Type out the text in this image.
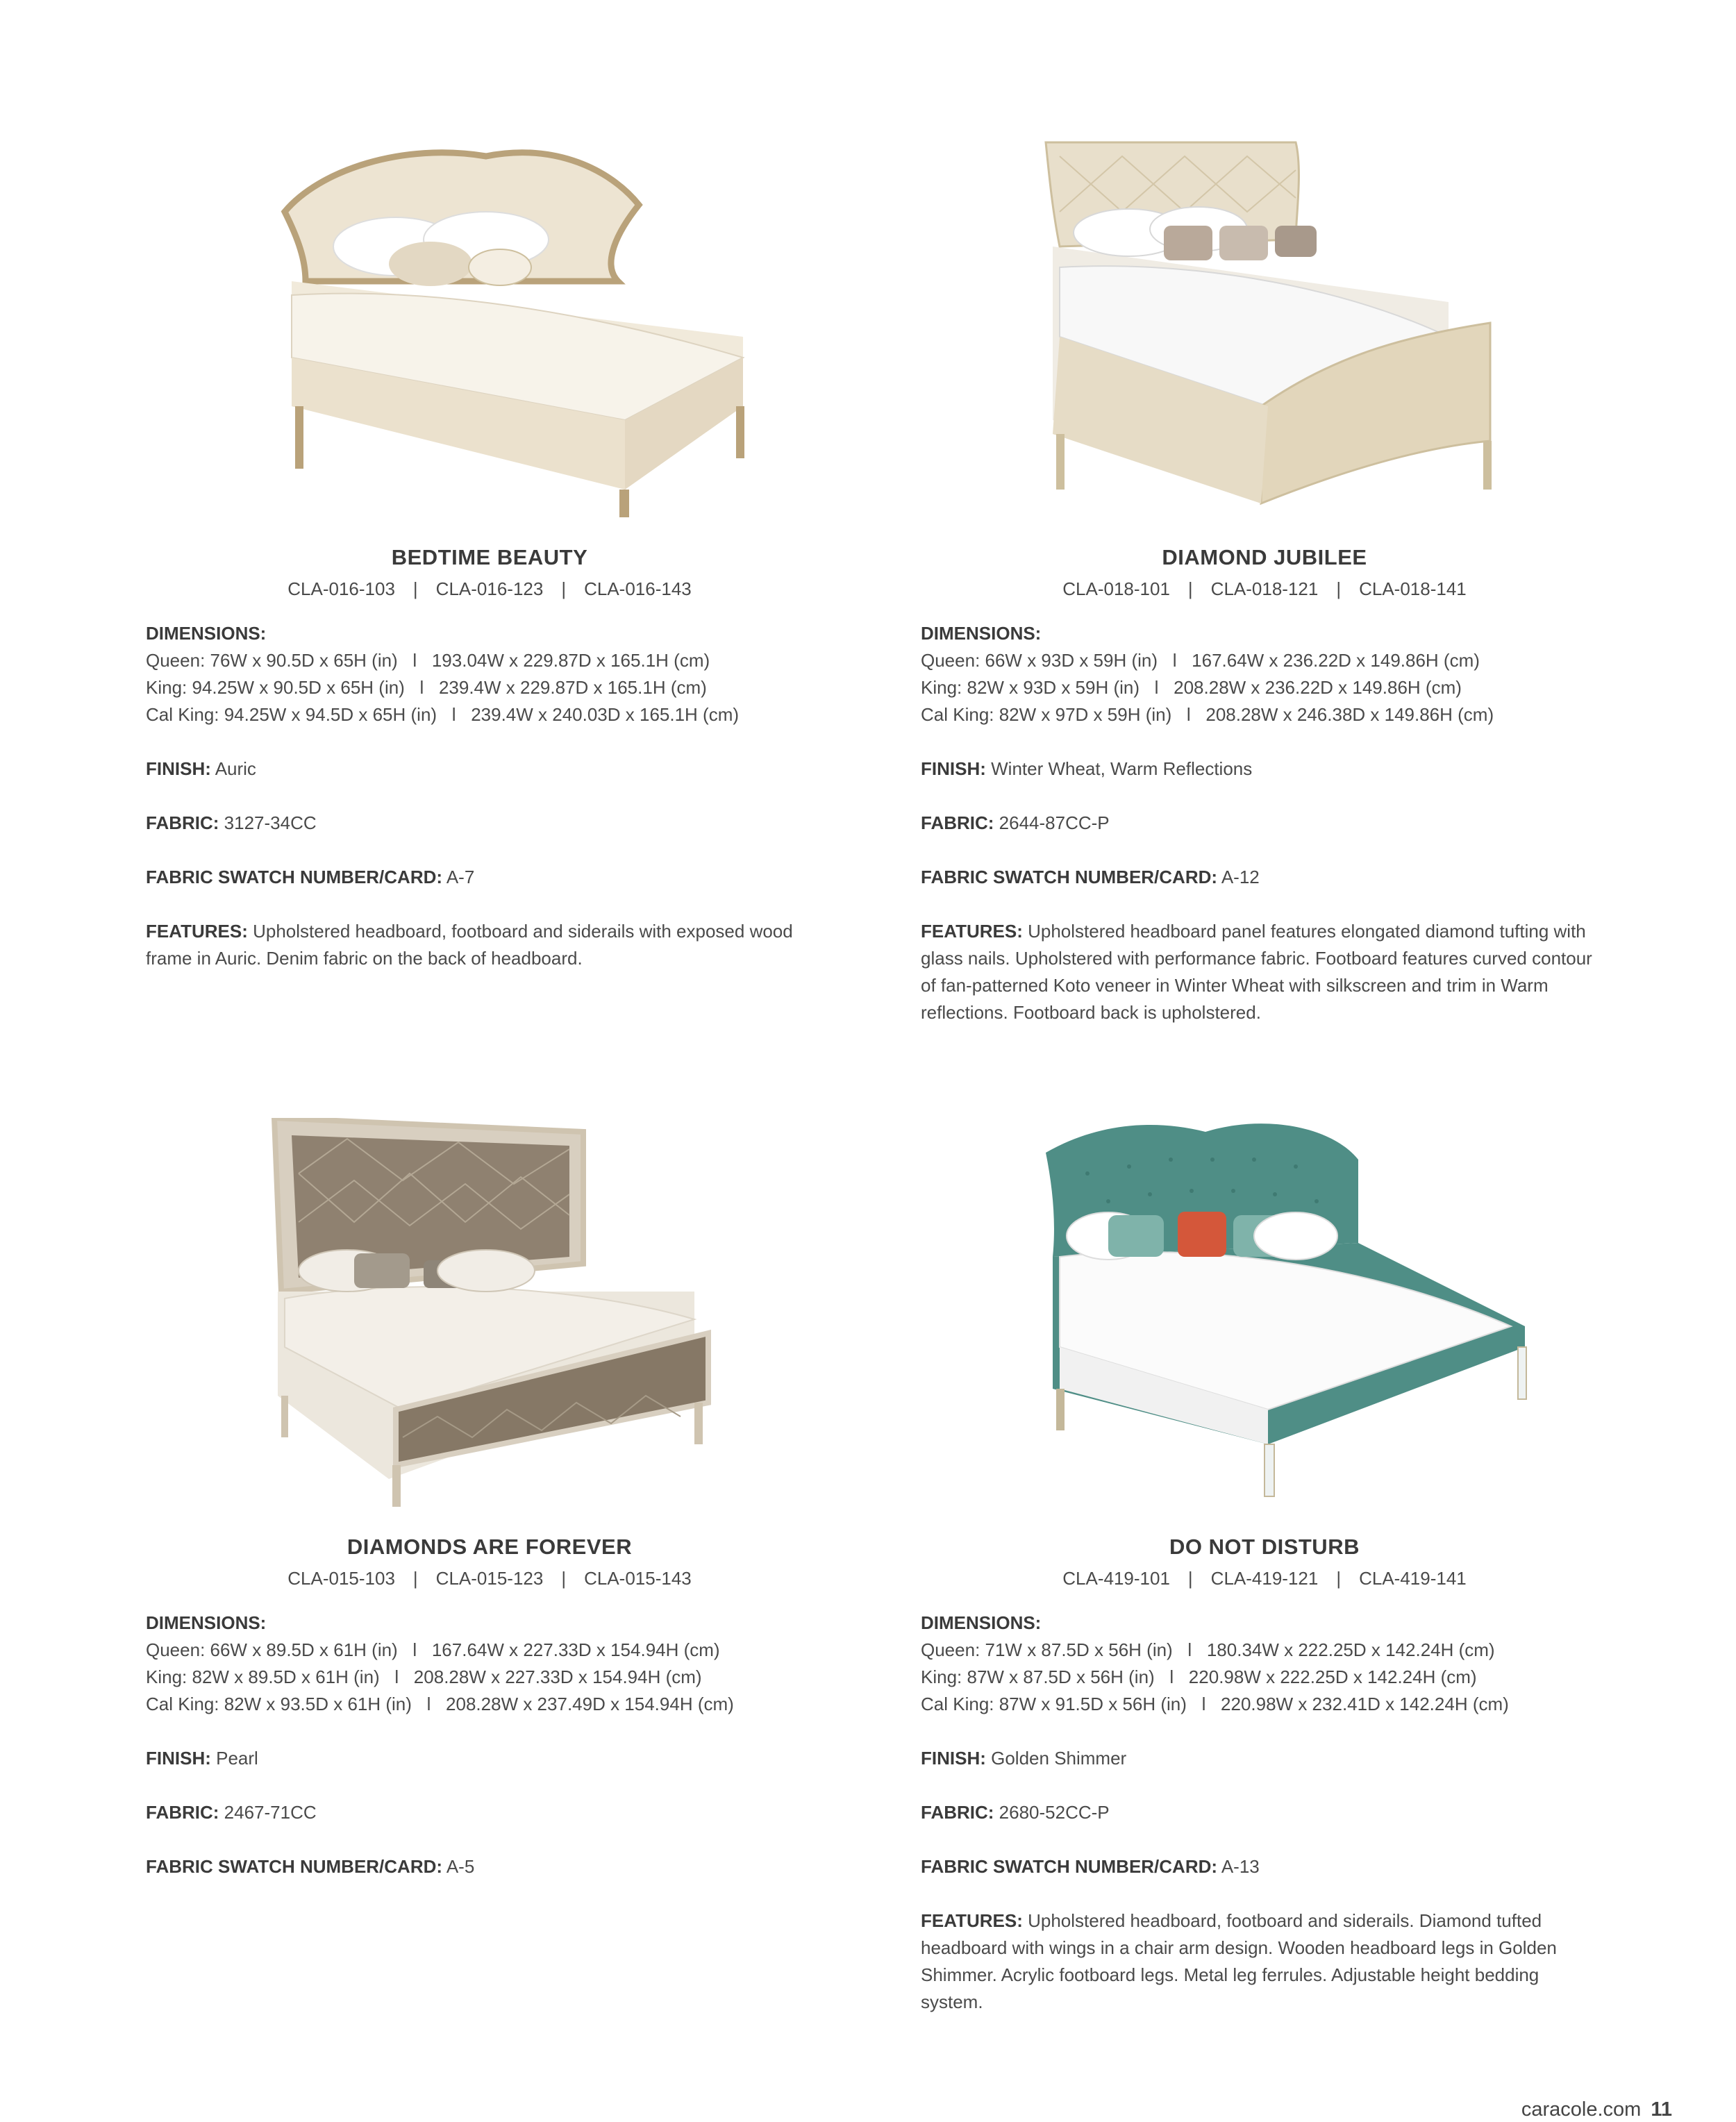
BEDTIME BEAUTY
CLA-016-103 | CLA-016-123 | CLA-016-143

DIMENSIONS:

Queen: 76W x 90.5D x 65H (in)   l   193.04W x 229.87D x 165.1H (cm)

King: 94.25W x 90.5D x 65H (in)   l   239.4W x 229.87D x 165.1H (cm)

Cal King: 94.25W x 94.5D x 65H (in)   l   239.4W x 240.03D x 165.1H (cm)

FINISH: Auric

FABRIC: 3127-34CC

FABRIC SWATCH NUMBER/CARD: A-7

FEATURES: Upholstered headboard, footboard and siderails with exposed wood frame in Auric. Denim fabric on the back of headboard.

DIAMOND JUBILEE
CLA-018-101 | CLA-018-121 | CLA-018-141

DIMENSIONS:

Queen: 66W x 93D x 59H (in)   l   167.64W x 236.22D x 149.86H (cm)

King: 82W x 93D x 59H (in)   l   208.28W x 236.22D x 149.86H (cm)

Cal King: 82W x 97D x 59H (in)   l   208.28W x 246.38D x 149.86H (cm)

FINISH: Winter Wheat, Warm Reflections

FABRIC: 2644-87CC-P

FABRIC SWATCH NUMBER/CARD: A-12

FEATURES: Upholstered headboard panel features elongated diamond tufting with glass nails. Upholstered with performance fabric. Footboard features curved contour of fan-patterned Koto veneer in Winter Wheat with silkscreen and trim in Warm reflections. Footboard back is upholstered.

DIAMONDS ARE FOREVER
CLA-015-103 | CLA-015-123 | CLA-015-143

DIMENSIONS:

Queen: 66W x 89.5D x 61H (in)   l   167.64W x 227.33D x 154.94H (cm)

King: 82W x 89.5D x 61H (in)   l   208.28W x 227.33D x 154.94H (cm)

Cal King: 82W x 93.5D x 61H (in)   l   208.28W x 237.49D x 154.94H (cm)

FINISH: Pearl

FABRIC: 2467-71CC

FABRIC SWATCH NUMBER/CARD: A-5

DO NOT DISTURB
CLA-419-101 | CLA-419-121 | CLA-419-141

DIMENSIONS:

Queen: 71W x 87.5D x 56H (in)   l   180.34W x 222.25D x 142.24H (cm)

King: 87W x 87.5D x 56H (in)   l   220.98W x 222.25D x 142.24H (cm)

Cal King: 87W x 91.5D x 56H (in)   l   220.98W x 232.41D x 142.24H (cm)

FINISH: Golden Shimmer

FABRIC: 2680-52CC-P

FABRIC SWATCH NUMBER/CARD: A-13

FEATURES: Upholstered headboard, footboard and siderails. Diamond tufted headboard with wings in a chair arm design. Wooden headboard legs in Golden Shimmer. Acrylic footboard legs. Metal leg ferrules. Adjustable height bedding system.

caracole.com 11
